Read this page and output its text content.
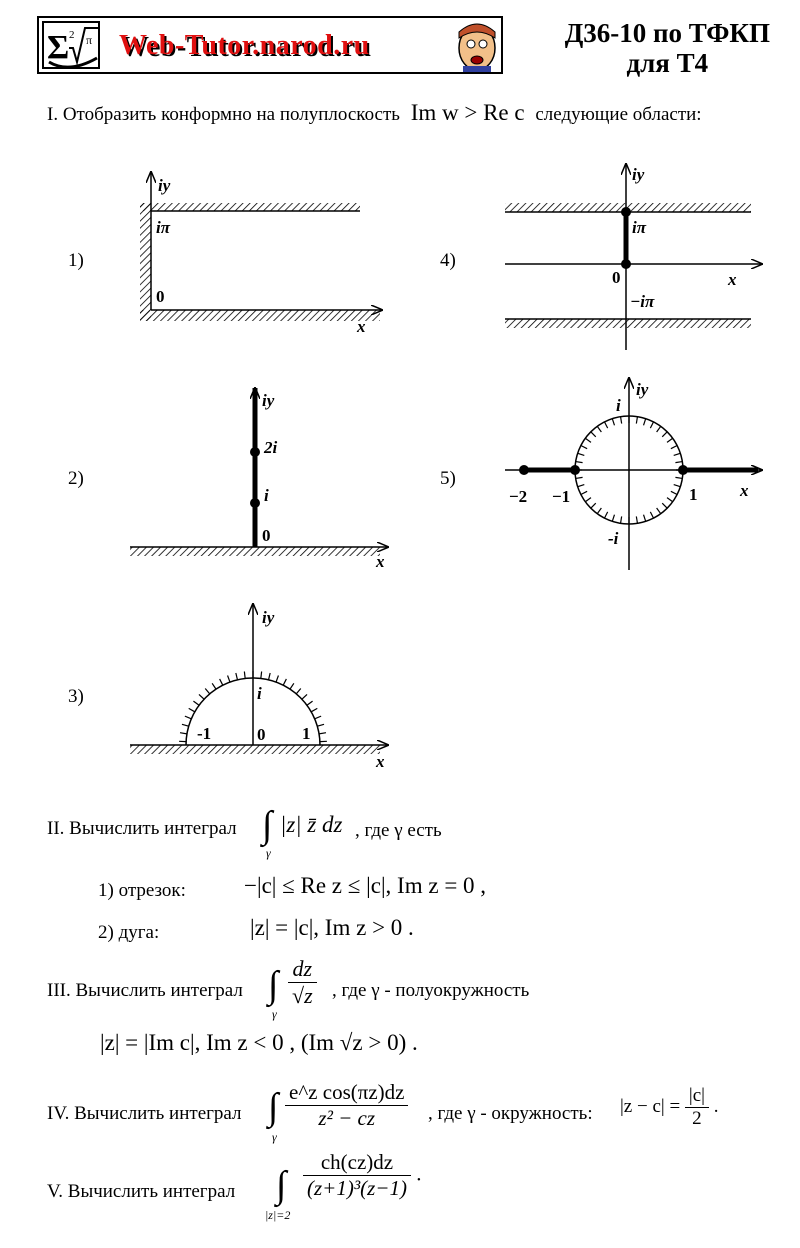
Σ π
2 Web-Tutor.narod.ru	Д36-10 по ТФКП
для Т4
I. Отобразить конформно на полуплоскость Im w > Re c следующие области:
1)
2)
3)
4)
5)
iy
iπ
0
x
iy
iπ
0	x
−iπ
iy
2i
i
0
x
iy
i
x
−2 −1	1
-i
iy
i
-1	0 1
x
II. Вычислить интеграл ∫
γ
|z| z̄ dz , где γ есть
1) отрезок:	−|c| ≤ Re z ≤ |c|, Im z = 0 ,
2) дуга:	|z| = |c|, Im z > 0 .
III. Вычислить интеграл ∫
γ
$\frac{dz}{√z}$ , где γ - полуокружность
|z| = |Im c|, Im z < 0 , (Im √z > 0) .
IV. Вычислить интеграл ∫
γ
$\frac{\text{e\textasciicircum{}z cos(πz)dz}}{\text{z² − cz}}$ , где γ - окружность: $|z - c| = \frac{|c|}{2}$ .
V. Вычислить интеграл ∫
|z|=2
$\frac{ch(cz)dz}{\text{(z+1)³(z−1)}}$ .
